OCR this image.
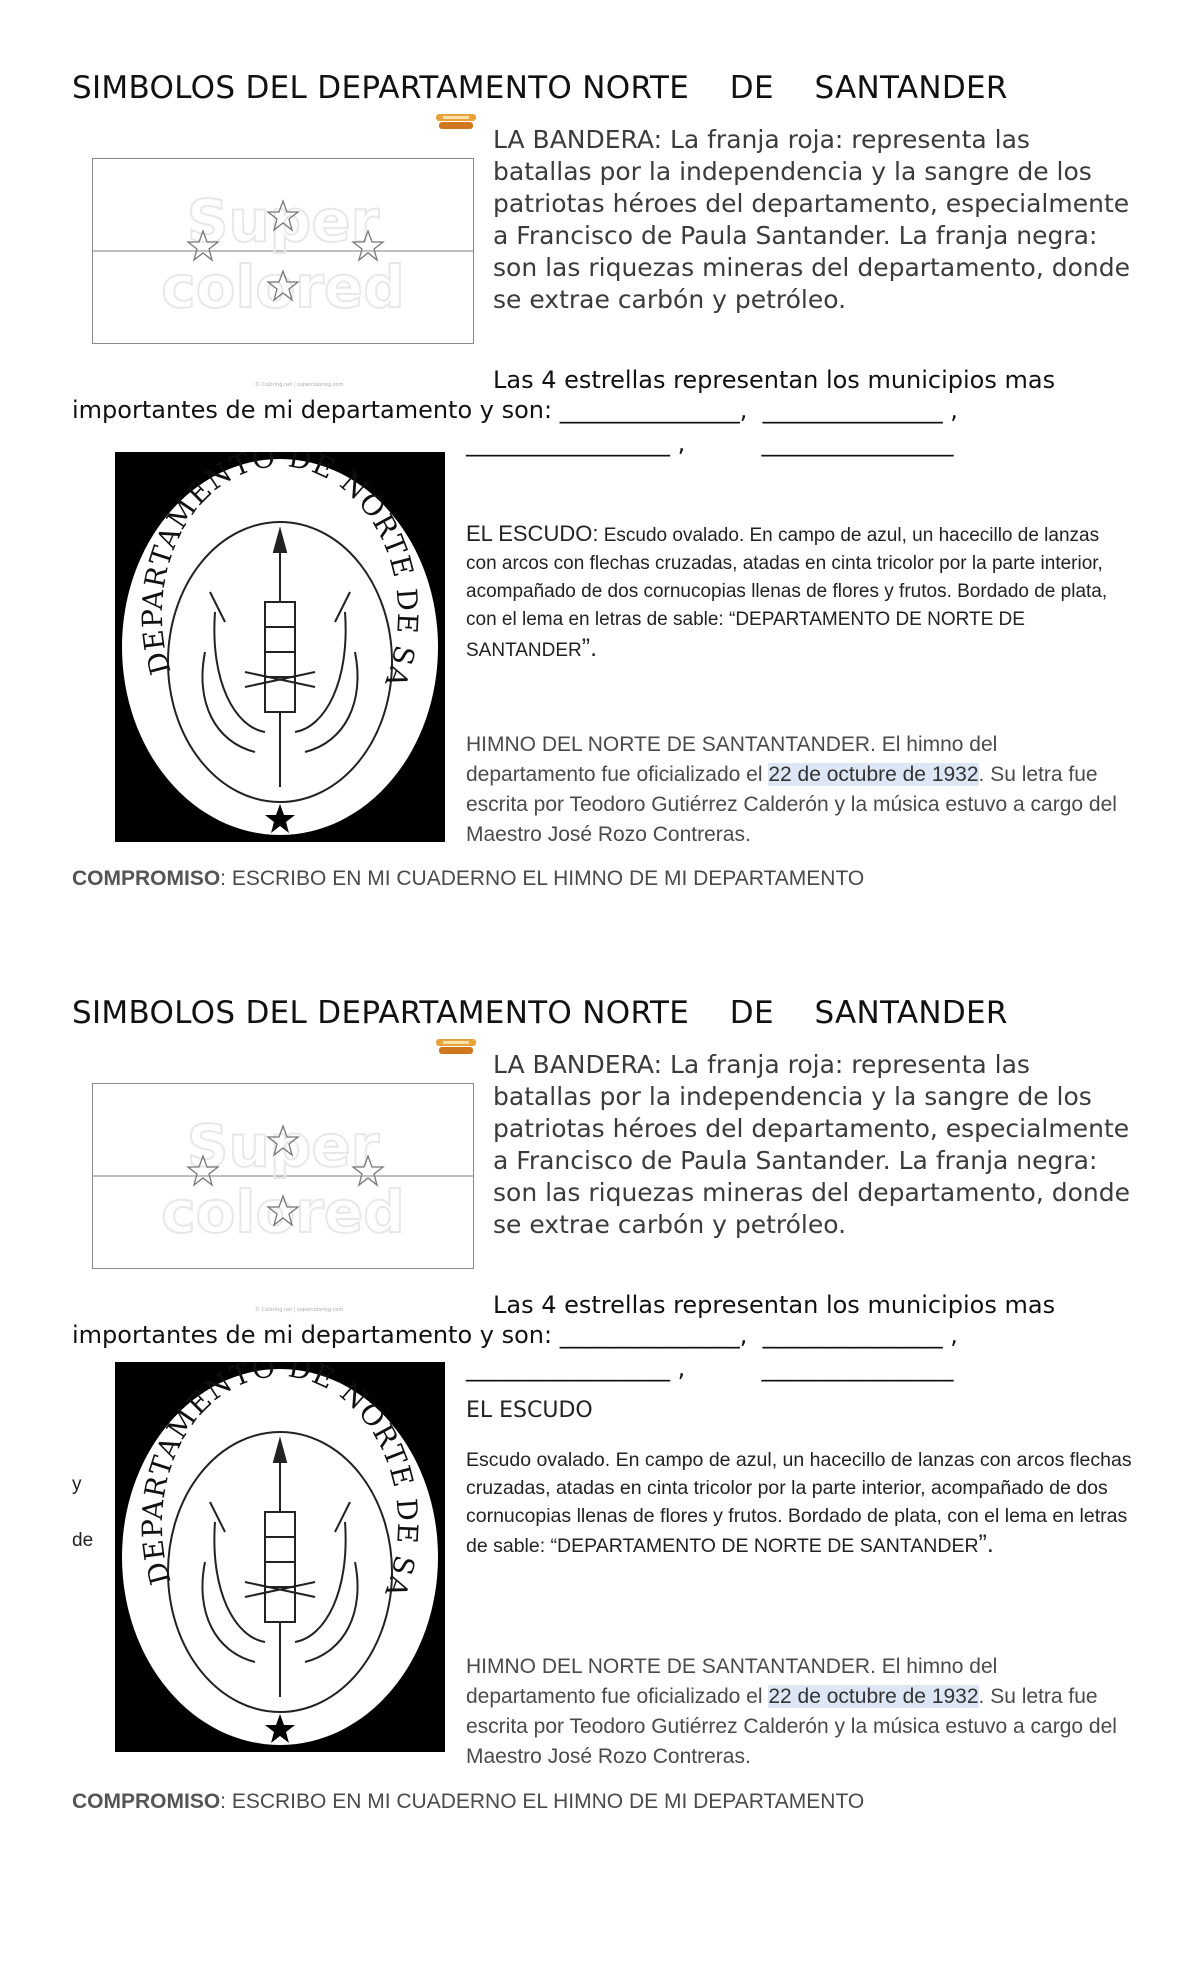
SIMBOLOS DEL DEPARTAMENTO NORTE    DE    SANTANDER
Super
colored
© Coloring.net | supercoloring.com
LA BANDERA: La franja roja: representa las batallas por la independencia y la sangre de los patriotas héroes del departamento, especialmente a Francisco de Paula Santander. La franja negra: son las riquezas mineras del departamento, donde se extrae carbón y petróleo.
Las 4 estrellas representan los municipios mas
importantes de mi departamento y son: _______________,  _______________ ,
_________________ ,          ________________
DEPARTAMENTO DE NORTE DE SA
EL ESCUDO: Escudo ovalado. En campo de azul, un hacecillo de lanzas con arcos con flechas cruzadas, atadas en cinta tricolor por la parte interior, acompañado de dos cornucopias llenas de flores y frutos. Bordado de plata, con el lema en letras de sable: “DEPARTAMENTO DE NORTE DE SANTANDER”.
HIMNO DEL NORTE DE SANTANTANDER. El himno del departamento fue oficializado el 22 de octubre de 1932. Su letra fue escrita por Teodoro Gutiérrez Calderón y la música estuvo a cargo del Maestro José Rozo Contreras.
COMPROMISO: ESCRIBO EN MI CUADERNO EL HIMNO DE MI DEPARTAMENTO
SIMBOLOS DEL DEPARTAMENTO NORTE    DE    SANTANDER
Super
colored
© Coloring.net | supercoloring.com
LA BANDERA: La franja roja: representa las batallas por la independencia y la sangre de los patriotas héroes del departamento, especialmente a Francisco de Paula Santander. La franja negra: son las riquezas mineras del departamento, donde se extrae carbón y petróleo.
Las 4 estrellas representan los municipios mas
importantes de mi departamento y son: _______________,  _______________ ,
_________________ ,          ________________
DEPARTAMENTO DE NORTE DE SA
EL ESCUDO
Escudo ovalado. En campo de azul, un hacecillo de lanzas con arcos flechas cruzadas, atadas en cinta tricolor por la parte interior, acompañado de dos cornucopias llenas de flores y frutos. Bordado de plata, con el lema en letras de sable: “DEPARTAMENTO DE NORTE DE SANTANDER”.
y
de
HIMNO DEL NORTE DE SANTANTANDER. El himno del departamento fue oficializado el 22 de octubre de 1932. Su letra fue escrita por Teodoro Gutiérrez Calderón y la música estuvo a cargo del Maestro José Rozo Contreras.
COMPROMISO: ESCRIBO EN MI CUADERNO EL HIMNO DE MI DEPARTAMENTO
